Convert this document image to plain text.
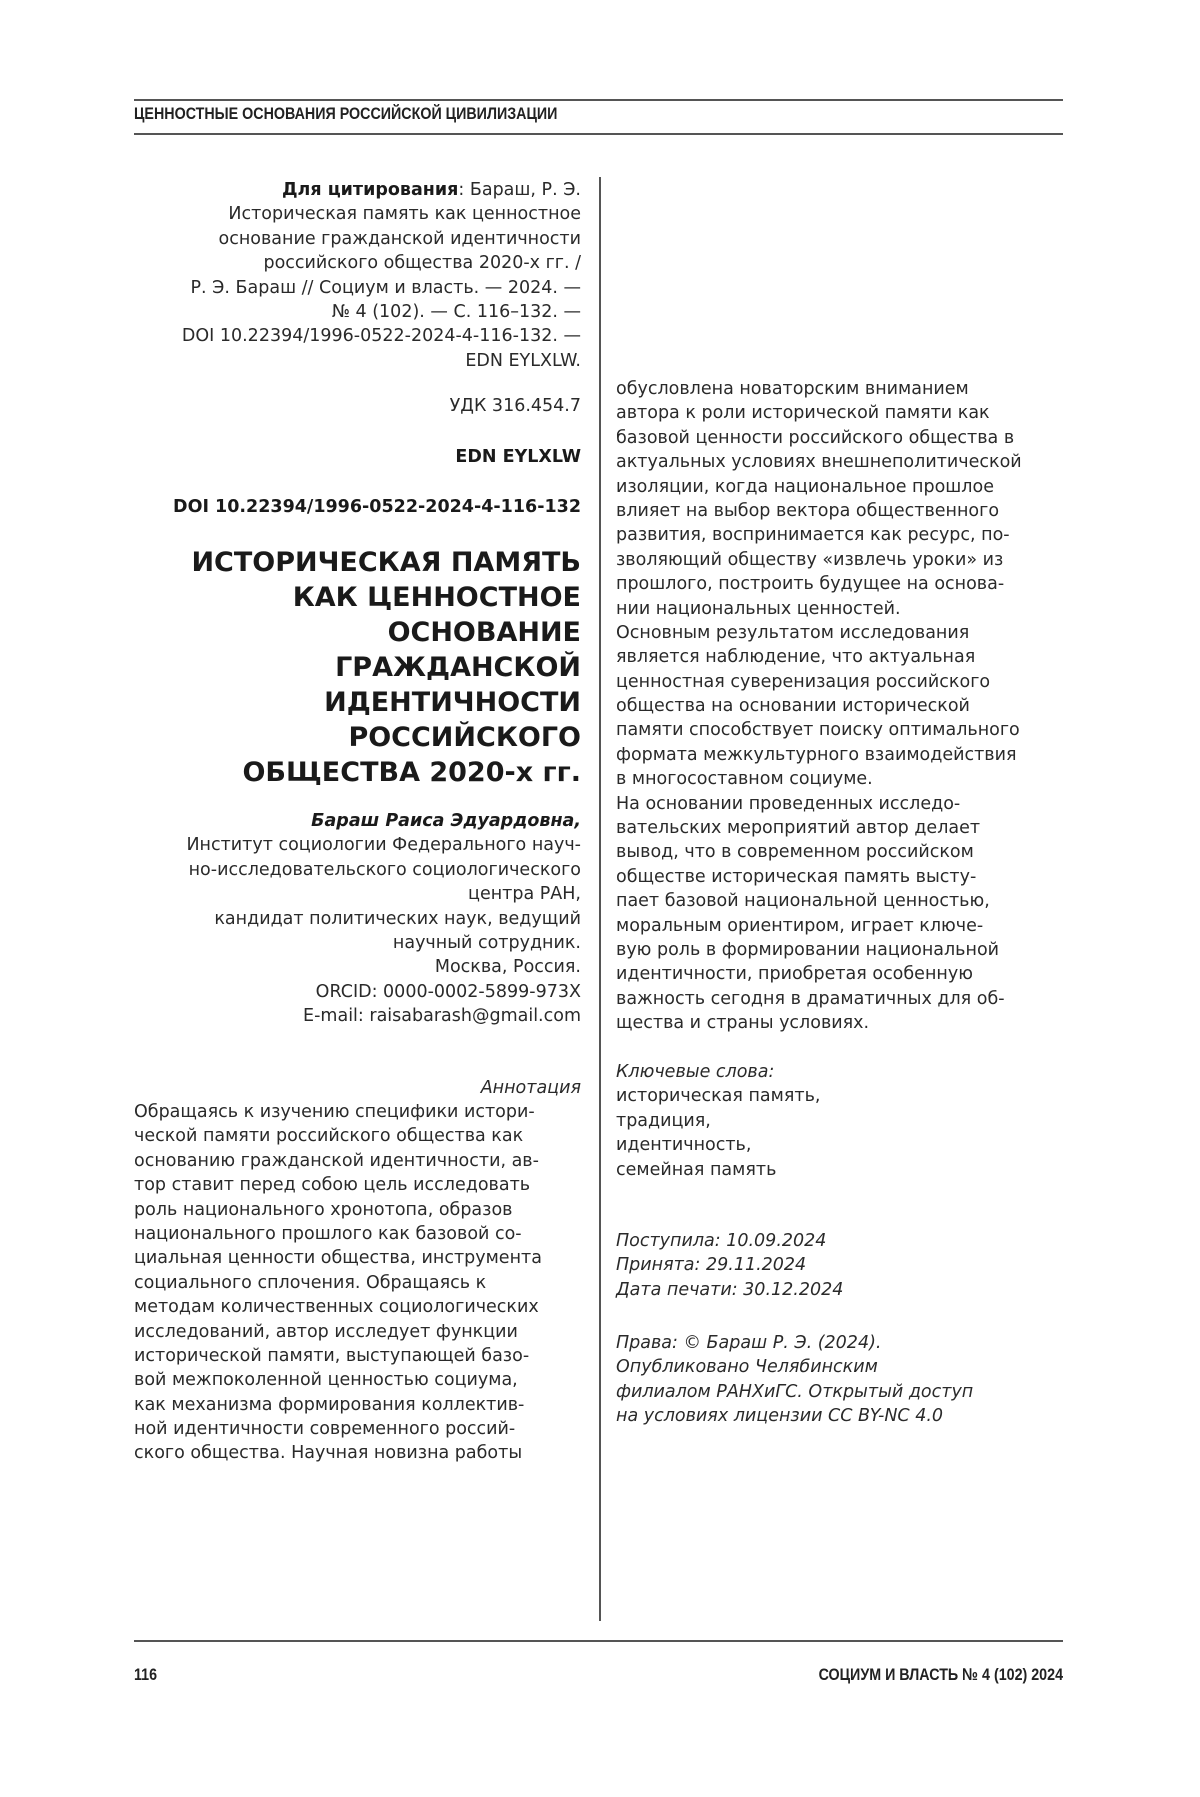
ЦЕННОСТНЫЕ ОСНОВАНИЯ РОССИЙСКОЙ ЦИВИЛИЗАЦИИ
Для цитирования: Бараш, Р. Э.
Историческая память как ценностное
основание гражданской идентичности
российского общества 2020-х гг. /
Р. Э. Бараш // Социум и власть. — 2024. —
№ 4 (102). — С. 116–132. —
DOI 10.22394/1996-0522-2024-4-116-132. —
EDN EYLXLW.
УДК 316.454.7
EDN EYLXLW
DOI 10.22394/1996-0522-2024-4-116-132
ИСТОРИЧЕСКАЯ ПАМЯТЬ
КАК ЦЕННОСТНОЕ
ОСНОВАНИЕ
ГРАЖДАНСКОЙ
ИДЕНТИЧНОСТИ
РОССИЙСКОГО
ОБЩЕСТВА 2020-х гг.
Бараш Раиса Эдуардовна,
Институт социологии Федерального науч-
но-исследовательского социологического
центра РАН,
кандидат политических наук, ведущий
научный сотрудник.
Москва, Россия.
ORCID: 0000-0002-5899-973X
E-mail: raisabarash@gmail.com
Аннотация
Обращаясь к изучению специфики истори-
ческой памяти российского общества как
основанию гражданской идентичности, ав-
тор ставит перед собою цель исследовать
роль национального хронотопа, образов
национального прошлого как базовой со-
циальная ценности общества, инструмента
социального сплочения. Обращаясь к
методам количественных социологических
исследований, автор исследует функции
исторической памяти, выступающей базо-
вой межпоколенной ценностью социума,
как механизма формирования коллектив-
ной идентичности современного россий-
ского общества. Научная новизна работы
обусловлена новаторским вниманием
автора к роли исторической памяти как
базовой ценности российского общества в
актуальных условиях внешнеполитической
изоляции, когда национальное прошлое
влияет на выбор вектора общественного
развития, воспринимается как ресурс, по-
зволяющий обществу «извлечь уроки» из
прошлого, построить будущее на основа-
нии национальных ценностей.
Основным результатом исследования
является наблюдение, что актуальная
ценностная суверенизация российского
общества на основании исторической
памяти способствует поиску оптимального
формата межкультурного взаимодействия
в многосоставном социуме.
На основании проведенных исследо-
вательских мероприятий автор делает
вывод, что в современном российском
обществе историческая память высту-
пает базовой национальной ценностью,
моральным ориентиром, играет ключе-
вую роль в формировании национальной
идентичности, приобретая особенную
важность сегодня в драматичных для об-
щества и страны условиях.
Ключевые слова:
историческая память,
традиция,
идентичность,
семейная память
Поступила: 10.09.2024
Принята: 29.11.2024
Дата печати: 30.12.2024
Права: © Бараш Р. Э. (2024).
Опубликовано Челябинским
филиалом РАНХиГС. Открытый доступ
на условиях лицензии CC BY-NC 4.0
116	СОЦИУМ И ВЛАСТЬ № 4 (102) 2024
